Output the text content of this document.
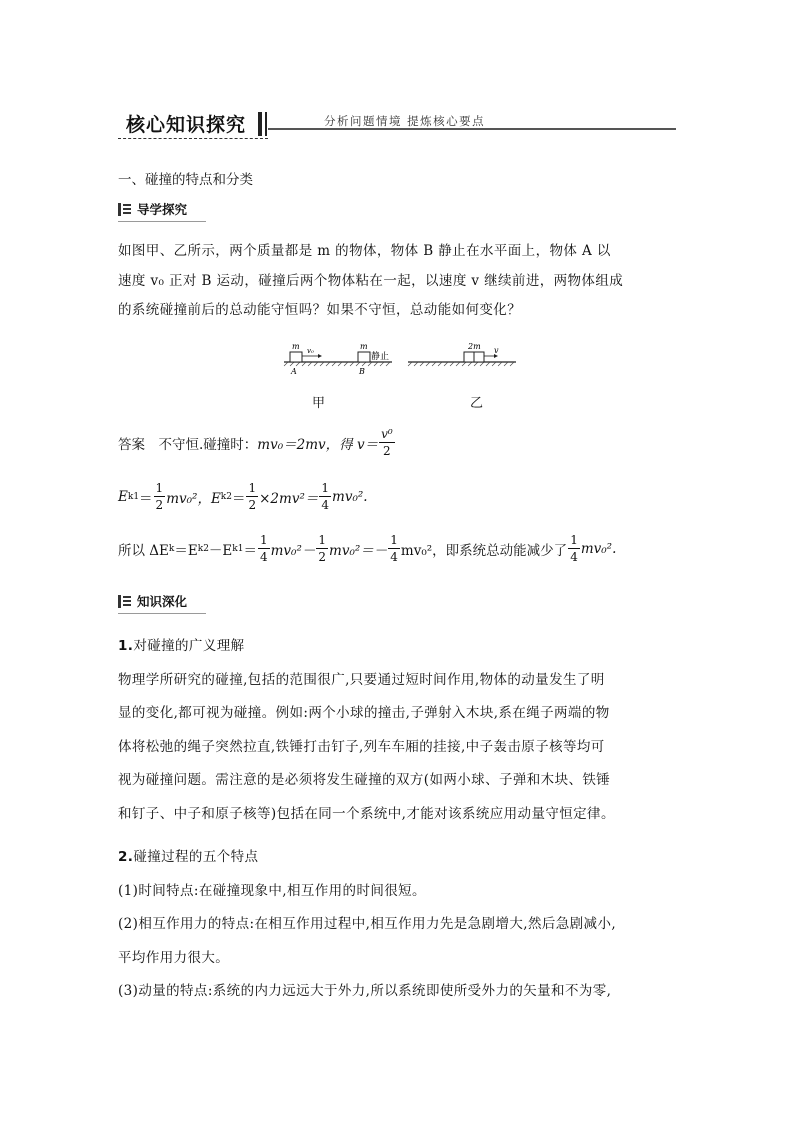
核心知识探究	分析问题情境 提炼核心要点
一、碰撞的特点和分类
导学探究
如图甲、乙所示，两个质量都是 m 的物体，物体 B 静止在水平面上，物体 A 以
速度 v₀ 正对 B 运动，碰撞后两个物体粘在一起，以速度 v 继续前进，两物体组成
的系统碰撞前后的总动能守恒吗？如果不守恒，总动能如何变化？
m v₀
A
m
静止
B
2m v
甲	乙
答案　不守恒.碰撞时： mv₀＝2mv，得 $v= \frac{\text{v⁰}}{2}$
E $k1 = \frac{1}{2} mv_0^2$，E $k2 = \frac{1}{2} \times 2mv^2= \frac{1}{4} mv_0^2$.
所以 ΔE k ＝E k2 －E $k1 = \frac{1}{4} mv_0^2- \frac{1}{2} mv_0^2=- \frac{1}{4} mv_0^2$，即系统总动能减少了 $\frac{1}{4} mv_0^2$.
知识深化
1.对碰撞的广义理解
物理学所研究的碰撞,包括的范围很广,只要通过短时间作用,物体的动量发生了明
显的变化,都可视为碰撞。例如:两个小球的撞击,子弹射入木块,系在绳子两端的物
体将松弛的绳子突然拉直,铁锤打击钉子,列车车厢的挂接,中子轰击原子核等均可
视为碰撞问题。需注意的是必须将发生碰撞的双方(如两小球、子弹和木块、铁锤
和钉子、中子和原子核等)包括在同一个系统中,才能对该系统应用动量守恒定律。
2.碰撞过程的五个特点
(1)时间特点:在碰撞现象中,相互作用的时间很短。
(2)相互作用力的特点:在相互作用过程中,相互作用力先是急剧增大,然后急剧减小,
平均作用力很大。
(3)动量的特点:系统的内力远远大于外力,所以系统即使所受外力的矢量和不为零,
